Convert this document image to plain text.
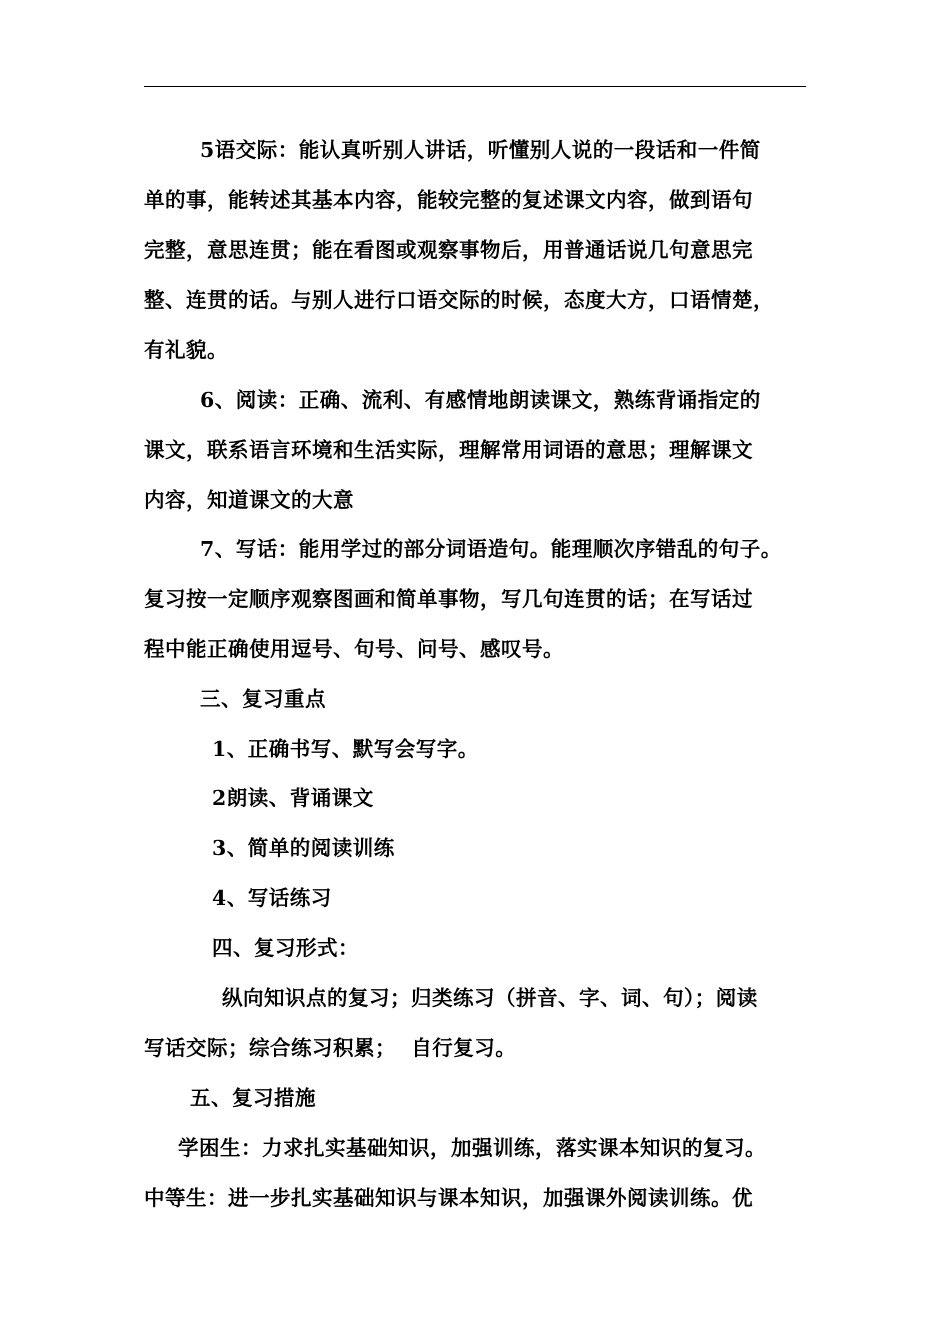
5语交际：能认真听别人讲话，听懂别人说的一段话和一件简
单的事，能转述其基本内容，能较完整的复述课文内容，做到语句
完整，意思连贯；能在看图或观察事物后，用普通话说几句意思完
整、连贯的话。与别人进行口语交际的时候，态度大方，口语情楚，
有礼貌。
6、阅读：正确、流利、有感情地朗读课文，熟练背诵指定的
课文，联系语言环境和生活实际，理解常用词语的意思；理解课文
内容，知道课文的大意
7、写话：能用学过的部分词语造句。能理顺次序错乱的句子。
复习按一定顺序观察图画和简单事物，写几句连贯的话；在写话过
程中能正确使用逗号、句号、问号、感叹号。
三、复习重点
1、正确书写、默写会写字。
2朗读、背诵课文
3、简单的阅读训练
4、写话练习
四、复习形式：
纵向知识点的复习；归类练习（拼音、字、词、句）；阅读
写话交际；综合练习积累；  自行复习。
五、复习措施
学困生：力求扎实基础知识，加强训练，落实课本知识的复习。
中等生：进一步扎实基础知识与课本知识，加强课外阅读训练。优
